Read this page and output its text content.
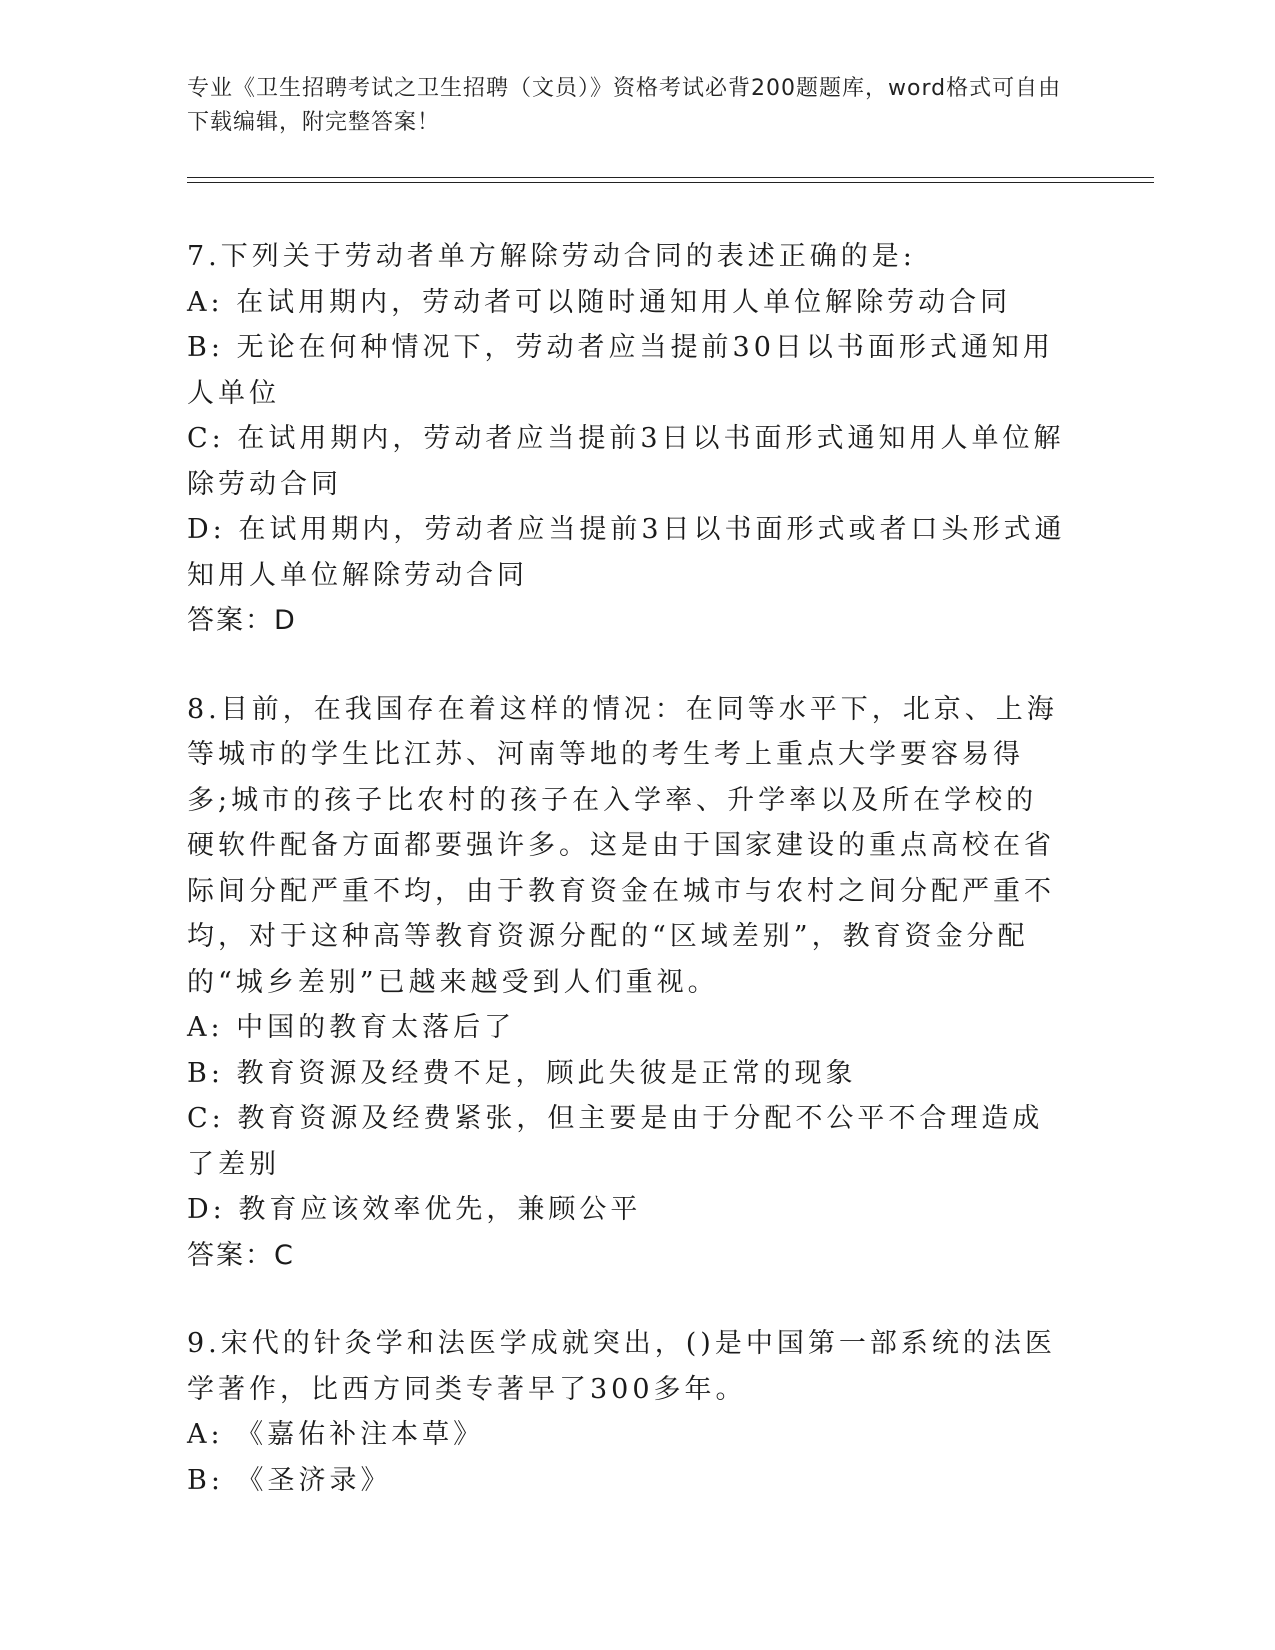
专业《卫生招聘考试之卫生招聘（文员）》资格考试必背200题题库，word格式可自由下载编辑，附完整答案！

7.下列关于劳动者单方解除劳动合同的表述正确的是:

A: 在试用期内，劳动者可以随时通知用人单位解除劳动合同

B: 无论在何种情况下，劳动者应当提前30日以书面形式通知用人单位

C: 在试用期内，劳动者应当提前3日以书面形式通知用人单位解除劳动合同

D: 在试用期内，劳动者应当提前3日以书面形式或者口头形式通知用人单位解除劳动合同

答案：D

8.目前，在我国存在着这样的情况：在同等水平下，北京、上海等城市的学生比江苏、河南等地的考生考上重点大学要容易得多;城市的孩子比农村的孩子在入学率、升学率以及所在学校的硬软件配备方面都要强许多。这是由于国家建设的重点高校在省际间分配严重不均，由于教育资金在城市与农村之间分配严重不均，对于这种高等教育资源分配的“区域差别”，教育资金分配的“城乡差别”已越来越受到人们重视。

A: 中国的教育太落后了

B: 教育资源及经费不足，顾此失彼是正常的现象

C: 教育资源及经费紧张，但主要是由于分配不公平不合理造成了差别

D: 教育应该效率优先，兼顾公平

答案：C

9.宋代的针灸学和法医学成就突出，()是中国第一部系统的法医学著作，比西方同类专著早了300多年。

A: 《嘉佑补注本草》

B: 《圣济录》
